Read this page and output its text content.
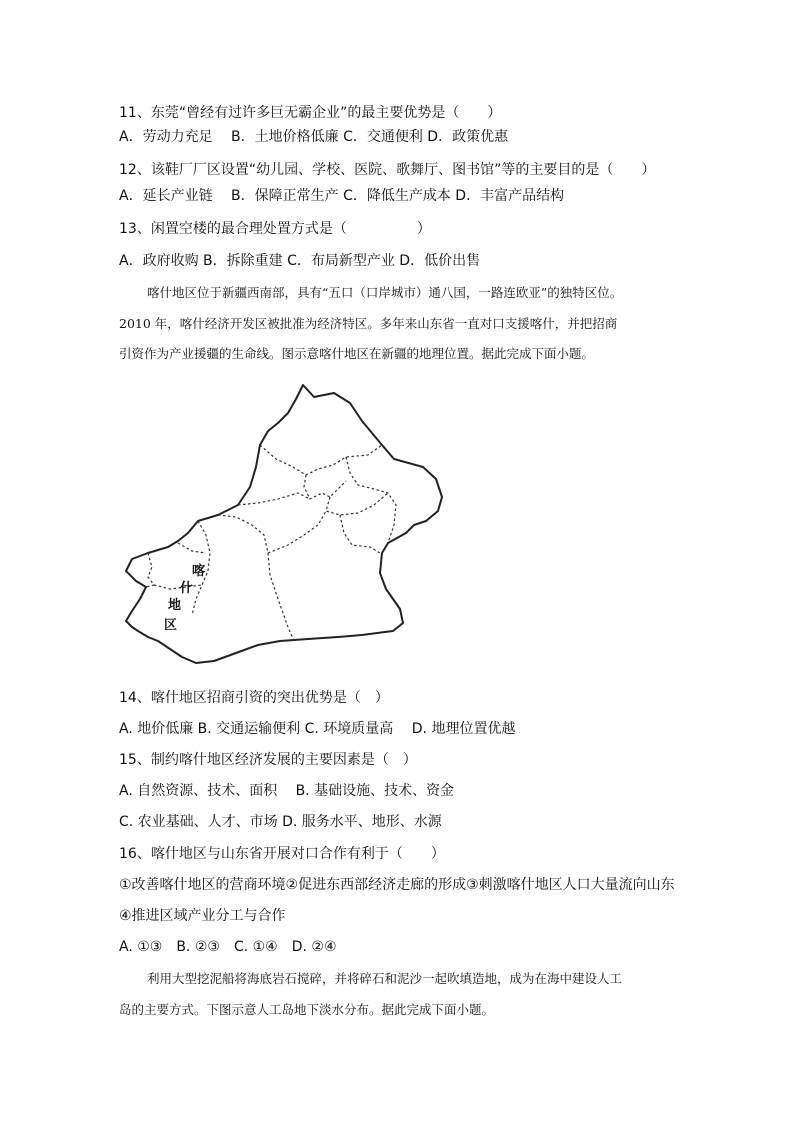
11、东莞“曾经有过许多巨无霸企业”的最主要优势是（　　）
A．劳动力充足　 B．土地价格低廉 C．交通便利 D．政策优惠
12、该鞋厂厂区设置“幼儿园、学校、医院、歌舞厅、图书馆”等的主要目的是（　　）
A．延长产业链　 B．保障正常生产 C．降低生产成本 D．丰富产品结构
13、闲置空楼的最合理处置方式是（　　　　　）
A．政府收购 B．拆除重建 C．布局新型产业 D．低价出售
喀什地区位于新疆西南部，具有“五口（口岸城市）通八国，一路连欧亚”的独特区位。
2010 年，喀什经济开发区被批准为经济特区。多年来山东省一直对口支援喀什，并把招商
引资作为产业援疆的生命线。图示意喀什地区在新疆的地理位置。据此完成下面小题。
喀
什
地
区
14、喀什地区招商引资的突出优势是（　）
A. 地价低廉 B. 交通运输便利 C. 环境质量高　 D. 地理位置优越
15、制约喀什地区经济发展的主要因素是（　）
A. 自然资源、技术、面积　 B. 基础设施、技术、资金
C. 农业基础、人才、市场 D. 服务水平、地形、水源
16、喀什地区与山东省开展对口合作有利于（　　）
①改善喀什地区的营商环境②促进东西部经济走廊的形成③刺激喀什地区人口大量流向山东
④推进区域产业分工与合作
A. ①③　B. ②③　C. ①④　D. ②④
利用大型挖泥船将海底岩石搅碎，并将碎石和泥沙一起吹填造地，成为在海中建设人工
岛的主要方式。下图示意人工岛地下淡水分布。据此完成下面小题。
